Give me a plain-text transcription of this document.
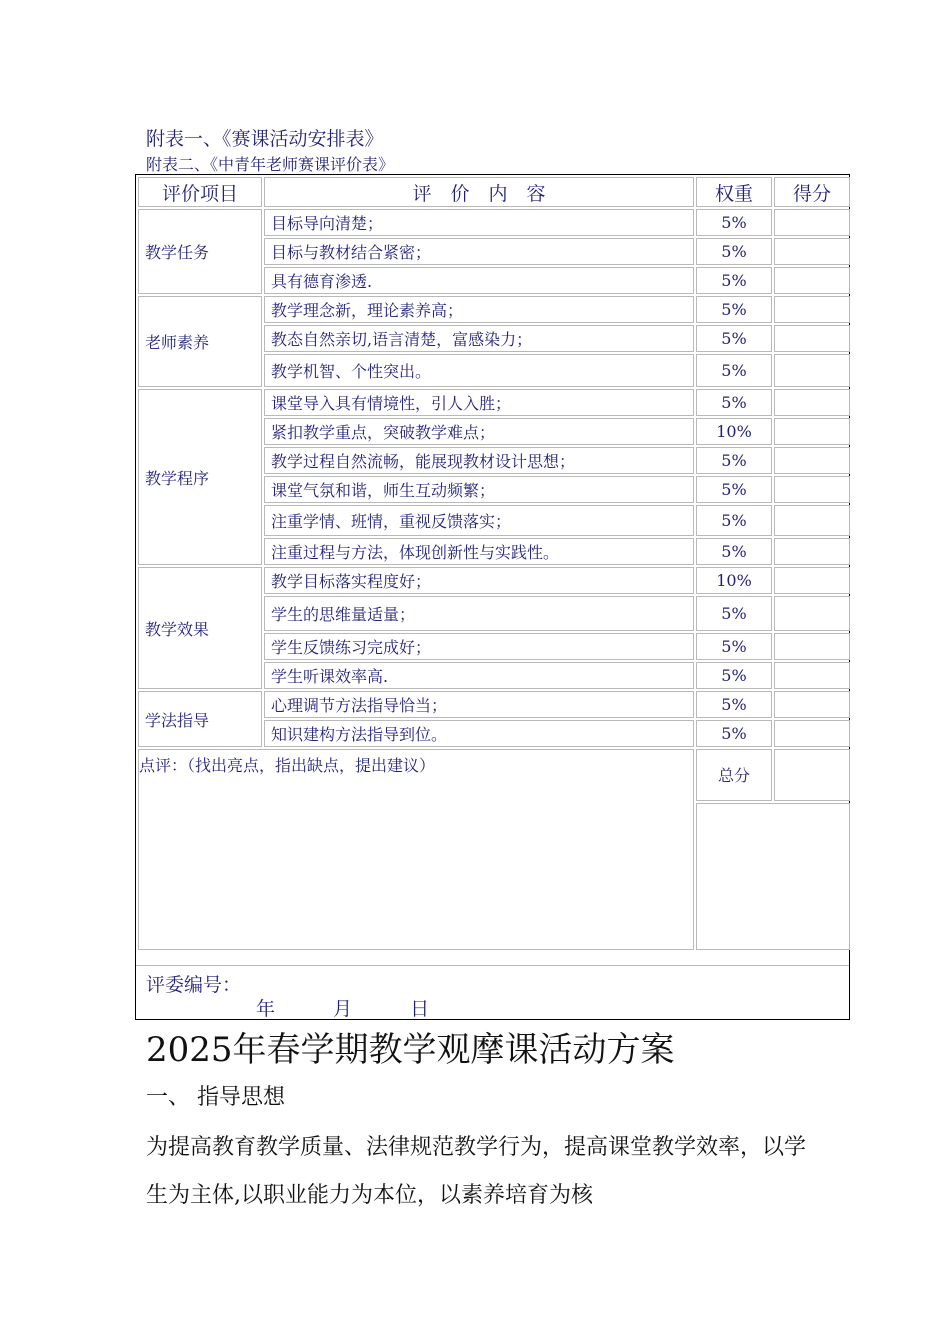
附表一、《赛课活动安排表》
附表二、《中青年老师赛课评价表》
评价项目	评　价　内　容	权重	得分
教学任务	目标导向清楚；	5%	
	目标与教材结合紧密；	5%	
	具有德育渗透.	5%	
老师素养	教学理念新，理论素养高；	5%	
	教态自然亲切,语言清楚，富感染力；	5%	
	教学机智、个性突出。	5%	
教学程序	课堂导入具有情境性，引人入胜；	5%	
	紧扣教学重点，突破教学难点；	10%	
	教学过程自然流畅，能展现教材设计思想；	5%	
	课堂气氛和谐，师生互动频繁；	5%	
	注重学情、班情，重视反馈落实；	5%	
	注重过程与方法，体现创新性与实践性。	5%	
教学效果	教学目标落实程度好；	10%	
	学生的思维量适量；	5%	
	学生反馈练习完成好；	5%	
	学生听课效率高.	5%	
学法指导	心理调节方法指导恰当；	5%	
	知识建构方法指导到位。	5%	
点评：（找出亮点，指出缺点，提出建议）		总分	

评委编号：
年	月	日
2025年春学期教学观摩课活动方案
一、 指导思想
为提高教育教学质量、法律规范教学行为，提高课堂教学效率，以学生为主体,以职业能力为本位，以素养培育为核
